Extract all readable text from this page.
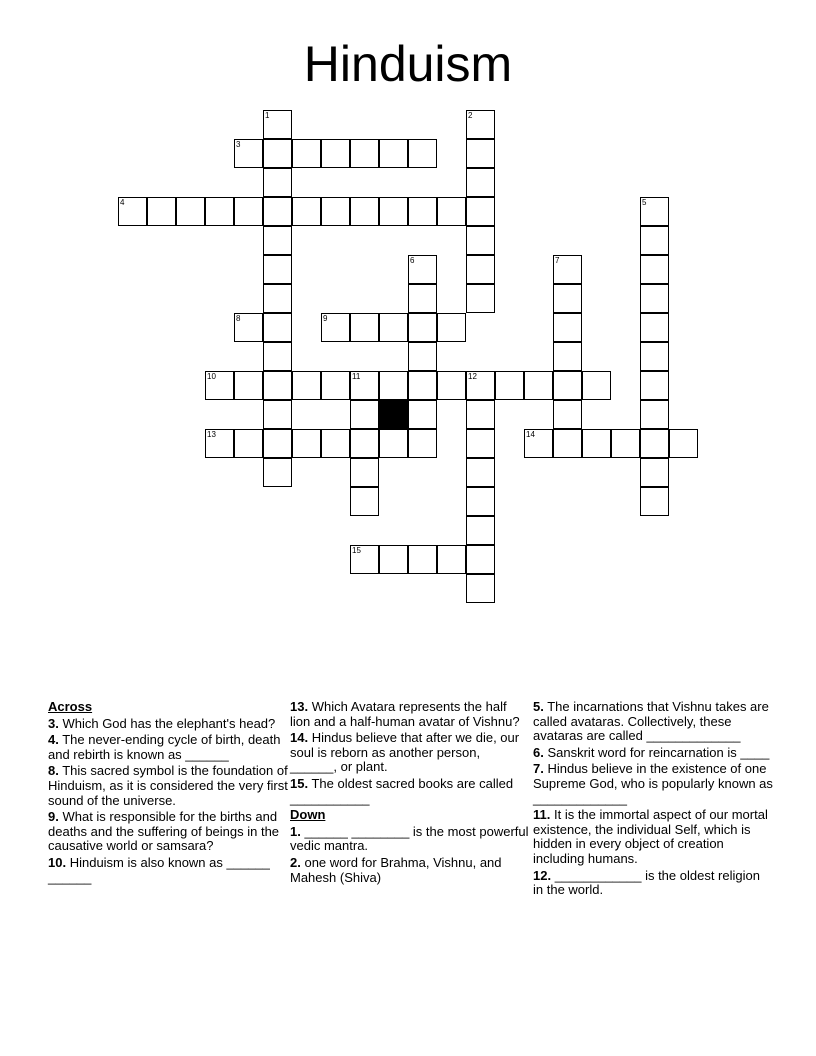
Hinduism
1	2
3
4	5
6	7
8	9
10	11	12
13	14
15
Across
3. Which God has the elephant's head?
4. The never-ending cycle of birth, death and rebirth is known as ______
8. This sacred symbol is the foundation of Hinduism, as it is considered the very first sound of the universe.
9. What is responsible for the births and deaths and the suffering of beings in the causative world or samsara?
10. Hinduism is also known as ______ ______
13. Which Avatara represents the half lion and a half-human avatar of Vishnu?
14. Hindus believe that after we die, our soul is reborn as another person, ______, or plant.
15. The oldest sacred books are called ___________
Down
1. ______ ________ is the most powerful vedic mantra.
2. one word for Brahma, Vishnu, and Mahesh (Shiva)
5. The incarnations that Vishnu takes are called avataras. Collectively, these avataras are called _____________
6. Sanskrit word for reincarnation is ____
7. Hindus believe in the existence of one Supreme God, who is popularly known as _____________
11. It is the immortal aspect of our mortal existence, the individual Self, which is hidden in every object of creation including humans.
12. ____________ is the oldest religion in the world.
